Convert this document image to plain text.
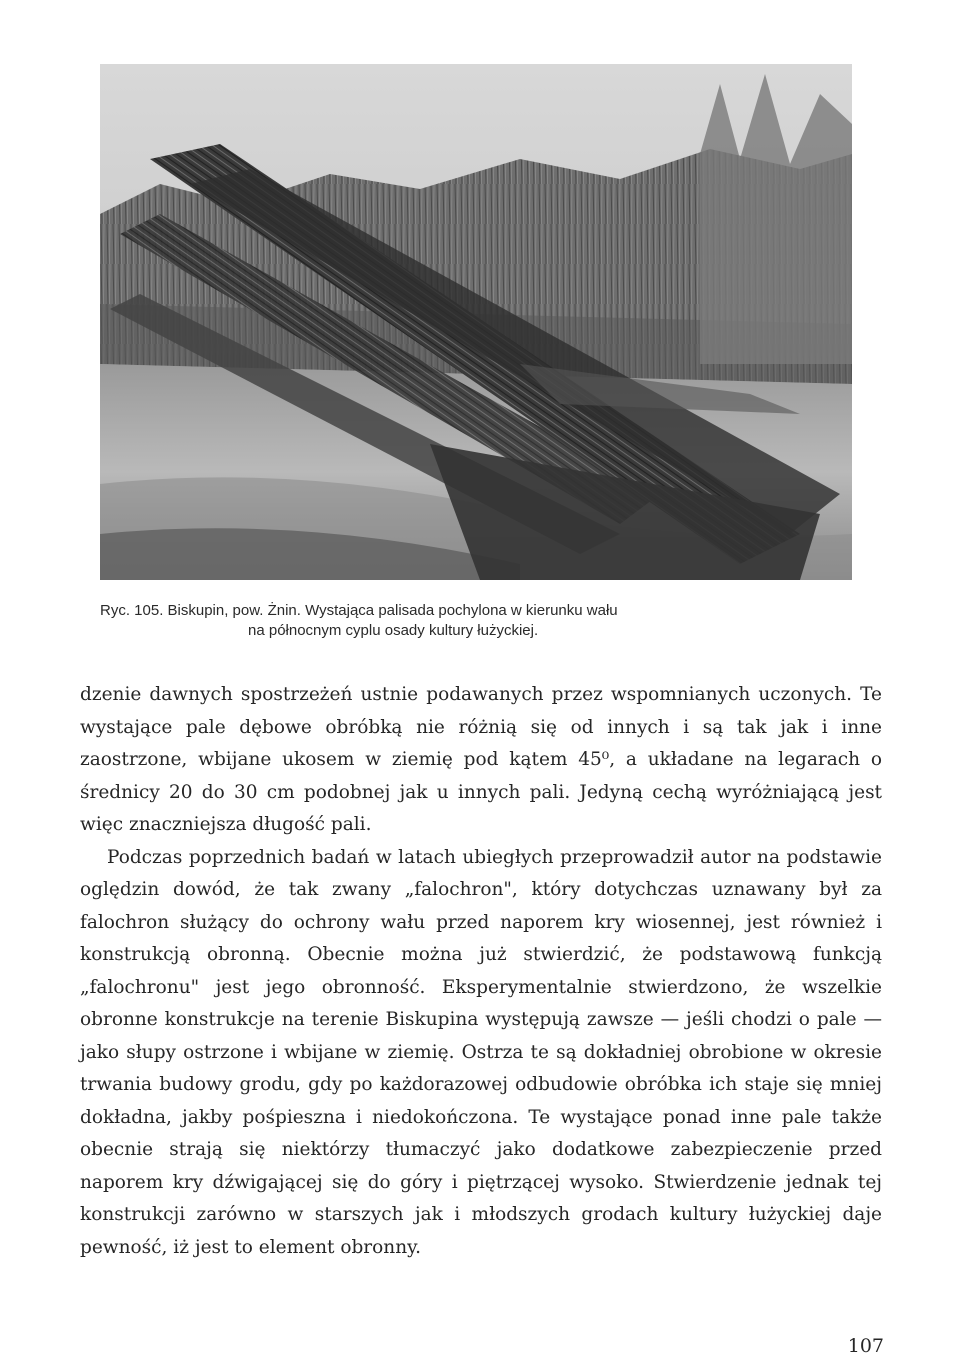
Ryc. 105. Biskupin, pow. Żnin. Wystająca palisada pochylona w kierunku wału
na północnym cyplu osady kultury łużyckiej.

dzenie dawnych spostrzeżeń ustnie podawanych przez wspomnianych uczonych. Te wystające pale dębowe obróbką nie różnią się od innych i są tak jak i inne zaostrzone, wbijane ukosem w ziemię pod kątem 45⁰, a układane na legarach o średnicy 20 do 30 cm podobnej jak u innych pali. Jedyną cechą wyróżniającą jest więc znaczniejsza długość pali.

Podczas poprzednich badań w latach ubiegłych przeprowadził autor na podstawie oględzin dowód, że tak zwany „falochron", który dotychczas uznawany był za falochron służący do ochrony wału przed naporem kry wiosennej, jest również i konstrukcją obronną. Obecnie można już stwierdzić, że podstawową funkcją „falochronu" jest jego obronność. Eksperymentalnie stwierdzono, że wszelkie obronne konstrukcje na terenie Biskupina występują zawsze — jeśli chodzi o pale — jako słupy ostrzone i wbijane w ziemię. Ostrza te są dokładniej obrobione w okresie trwania budowy grodu, gdy po każdorazowej odbudowie obróbka ich staje się mniej dokładna, jakby pośpieszna i niedokończona. Te wystające ponad inne pale także obecnie strają się niektórzy tłumaczyć jako dodatkowe zabezpieczenie przed naporem kry dźwigającej się do góry i piętrzącej wysoko. Stwierdzenie jednak tej konstrukcji zarówno w starszych jak i młodszych grodach kultury łużyckiej daje pewność, iż jest to element obronny.

107
